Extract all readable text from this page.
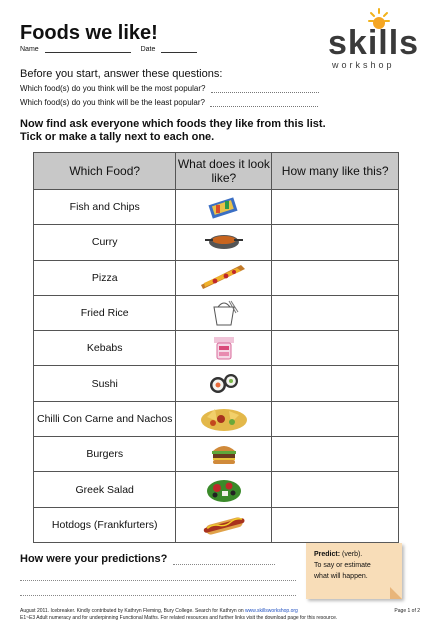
Foods we like!
Name	Date	skills
workshop
Before you start, answer these questions:
Which food(s) do you think will be the most popular?
Which food(s) do you think will be the least popular?
Now find ask everyone which foods they like from this list.
Tick or make a tally next to each one.
Which Food?	What does it look like?	How many like this?
Fish and Chips	

Curry	

Pizza	

Fried Rice	

Kebabs	

Sushi	

Chilli Con Carne and Nachos	

Burgers	

Greek Salad	

Hotdogs (Frankfurters)	

How were your predictions?	Predict: (verb).
To say or estimate
what will happen.
August 2011. Icebreaker. Kindly contributed by Kathryn Fleming, Bury College. Search for Kathryn on www.skillsworkshop.org	Page 1 of 2
E1~E3 Adult numeracy and for underpinning Functional Maths. For related resources and further links visit the download page for this resource.
